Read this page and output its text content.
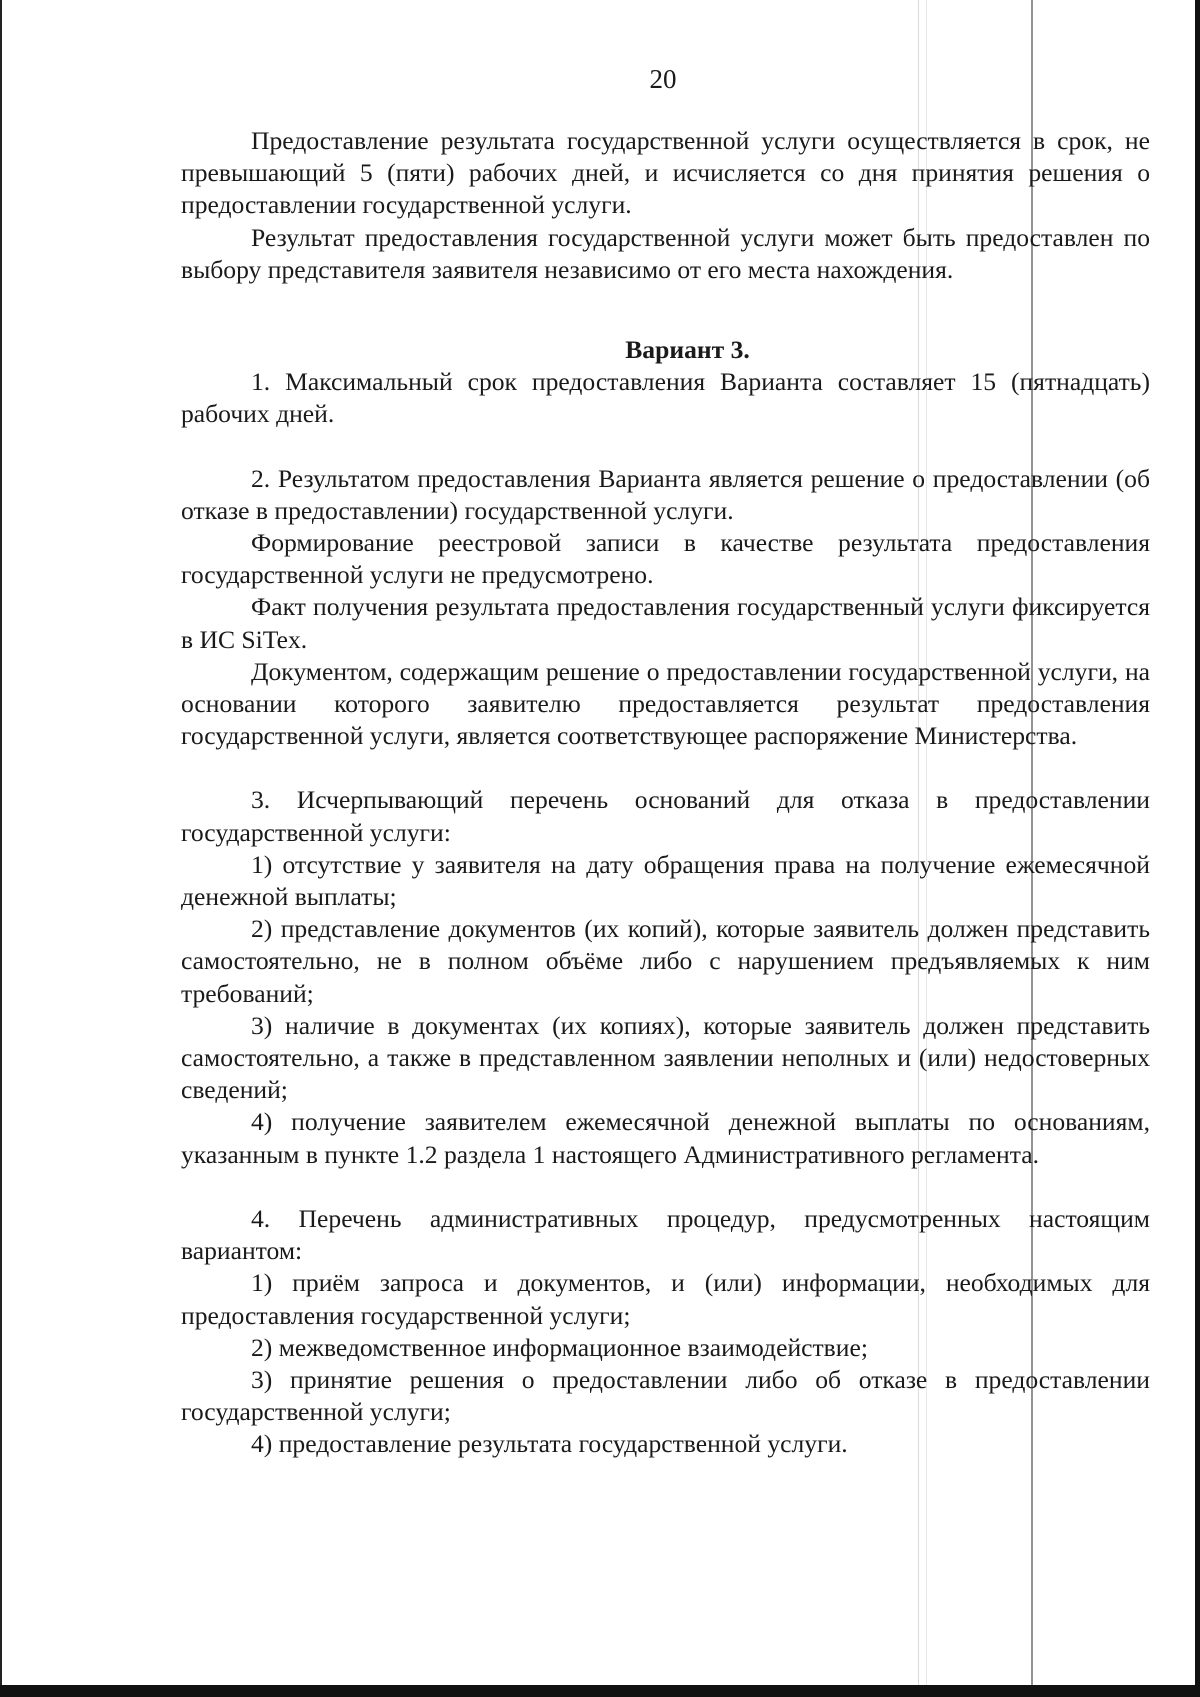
20

Предоставление результата государственной услуги осуществляется в срок, не превышающий 5 (пяти) рабочих дней, и исчисляется со дня принятия решения о предоставлении государственной услуги.

Результат предоставления государственной услуги может быть предоставлен по выбору представителя заявителя независимо от его места нахождения.

Вариант 3.

1. Максимальный срок предоставления Варианта составляет 15 (пятнадцать) рабочих дней.

2. Результатом предоставления Варианта является решение о предоставлении (об отказе в предоставлении) государственной услуги.

Формирование реестровой записи в качестве результата предоставления государственной услуги не предусмотрено.

Факт получения результата предоставления государственный услуги фиксируется в ИС SiTex.

Документом, содержащим решение о предоставлении государственной услуги, на основании которого заявителю предоставляется результат предоставления государственной услуги, является соответствующее распоряжение Министерства.

3. Исчерпывающий перечень оснований для отказа в предоставлении государственной услуги:

1) отсутствие у заявителя на дату обращения права на получение ежемесячной денежной выплаты;

2) представление документов (их копий), которые заявитель должен представить самостоятельно, не в полном объёме либо с нарушением предъявляемых к ним требований;

3) наличие в документах (их копиях), которые заявитель должен представить самостоятельно, а также в представленном заявлении неполных и (или) недостоверных сведений;

4) получение заявителем ежемесячной денежной выплаты по основаниям, указанным в пункте 1.2 раздела 1 настоящего Административного регламента.

4. Перечень административных процедур, предусмотренных настоящим вариантом:

1) приём запроса и документов, и (или) информации, необходимых для предоставления государственной услуги;

2) межведомственное информационное взаимодействие;

3) принятие решения о предоставлении либо об отказе в предоставлении государственной услуги;

4) предоставление результата государственной услуги.
